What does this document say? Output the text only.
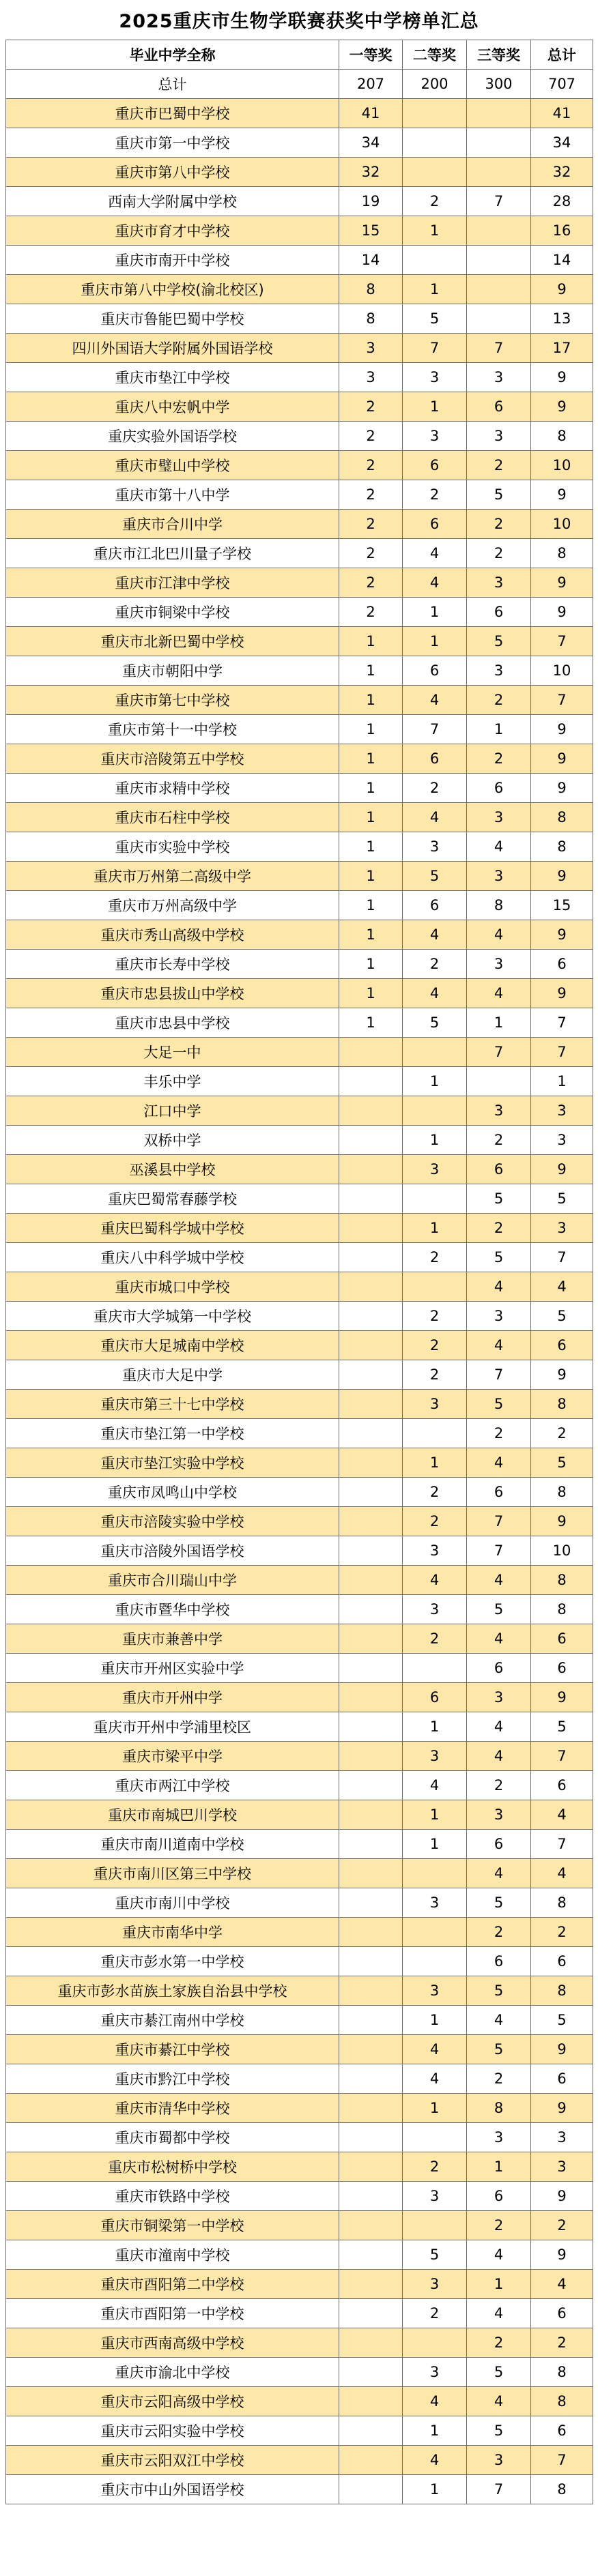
2025重庆市生物学联赛获奖中学榜单汇总
毕业中学全称	一等奖	二等奖	三等奖	总计
总计	207	200	300	707
重庆市巴蜀中学校	41			41
重庆市第一中学校	34			34
重庆市第八中学校	32			32
西南大学附属中学校	19	2	7	28
重庆市育才中学校	15	1		16
重庆市南开中学校	14			14
重庆市第八中学校(渝北校区)	8	1		9
重庆市鲁能巴蜀中学校	8	5		13
四川外国语大学附属外国语学校	3	7	7	17
重庆市垫江中学校	3	3	3	9
重庆八中宏帆中学	2	1	6	9
重庆实验外国语学校	2	3	3	8
重庆市璧山中学校	2	6	2	10
重庆市第十八中学	2	2	5	9
重庆市合川中学	2	6	2	10
重庆市江北巴川量子学校	2	4	2	8
重庆市江津中学校	2	4	3	9
重庆市铜梁中学校	2	1	6	9
重庆市北新巴蜀中学校	1	1	5	7
重庆市朝阳中学	1	6	3	10
重庆市第七中学校	1	4	2	7
重庆市第十一中学校	1	7	1	9
重庆市涪陵第五中学校	1	6	2	9
重庆市求精中学校	1	2	6	9
重庆市石柱中学校	1	4	3	8
重庆市实验中学校	1	3	4	8
重庆市万州第二高级中学	1	5	3	9
重庆市万州高级中学	1	6	8	15
重庆市秀山高级中学校	1	4	4	9
重庆市长寿中学校	1	2	3	6
重庆市忠县拔山中学校	1	4	4	9
重庆市忠县中学校	1	5	1	7
大足一中			7	7
丰乐中学		1		1
江口中学			3	3
双桥中学		1	2	3
巫溪县中学校		3	6	9
重庆巴蜀常春藤学校			5	5
重庆巴蜀科学城中学校		1	2	3
重庆八中科学城中学校		2	5	7
重庆市城口中学校			4	4
重庆市大学城第一中学校		2	3	5
重庆市大足城南中学校		2	4	6
重庆市大足中学		2	7	9
重庆市第三十七中学校		3	5	8
重庆市垫江第一中学校			2	2
重庆市垫江实验中学校		1	4	5
重庆市凤鸣山中学校		2	6	8
重庆市涪陵实验中学校		2	7	9
重庆市涪陵外国语学校		3	7	10
重庆市合川瑞山中学		4	4	8
重庆市暨华中学校		3	5	8
重庆市兼善中学		2	4	6
重庆市开州区实验中学			6	6
重庆市开州中学		6	3	9
重庆市开州中学浦里校区		1	4	5
重庆市梁平中学		3	4	7
重庆市两江中学校		4	2	6
重庆市南城巴川学校		1	3	4
重庆市南川道南中学校		1	6	7
重庆市南川区第三中学校			4	4
重庆市南川中学校		3	5	8
重庆市南华中学			2	2
重庆市彭水第一中学校			6	6
重庆市彭水苗族土家族自治县中学校		3	5	8
重庆市綦江南州中学校		1	4	5
重庆市綦江中学校		4	5	9
重庆市黔江中学校		4	2	6
重庆市清华中学校		1	8	9
重庆市蜀都中学校			3	3
重庆市松树桥中学校		2	1	3
重庆市铁路中学校		3	6	9
重庆市铜梁第一中学校			2	2
重庆市潼南中学校		5	4	9
重庆市酉阳第二中学校		3	1	4
重庆市酉阳第一中学校		2	4	6
重庆市西南高级中学校			2	2
重庆市渝北中学校		3	5	8
重庆市云阳高级中学校		4	4	8
重庆市云阳实验中学校		1	5	6
重庆市云阳双江中学校		4	3	7
重庆市中山外国语学校		1	7	8
